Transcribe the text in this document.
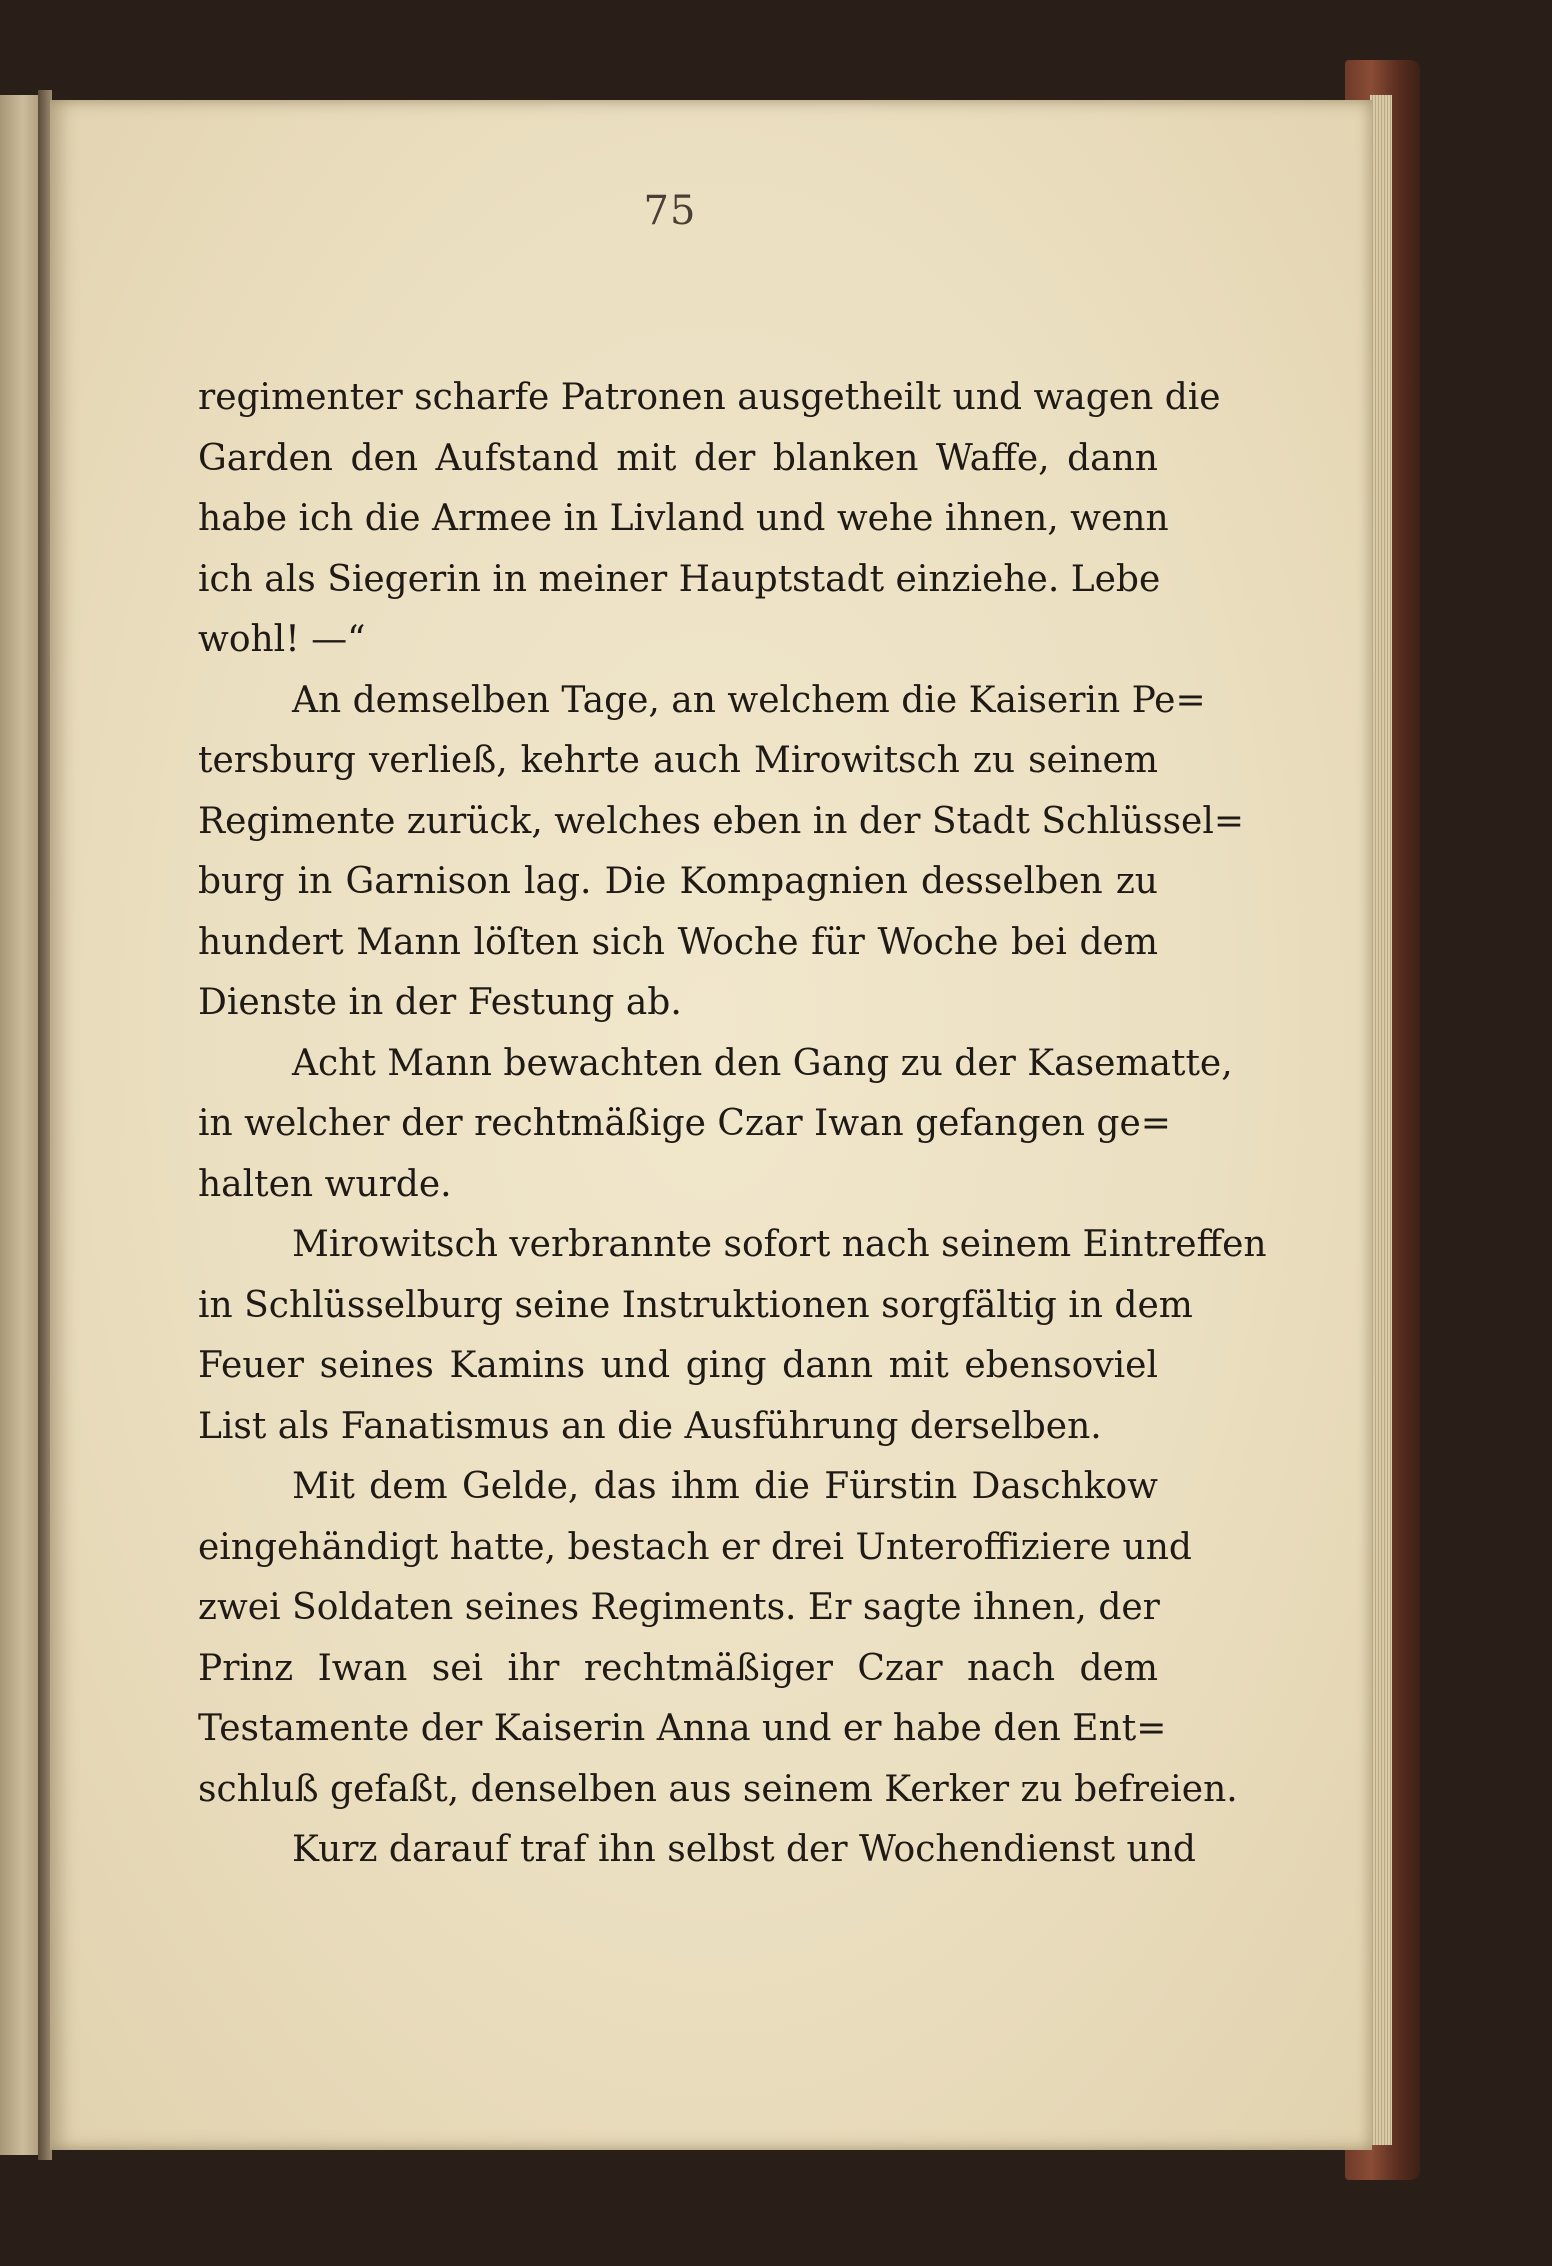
75
regimenter scharfe Patronen ausgetheilt und wagen die
Garden den Aufstand mit der blanken Waffe, dann
habe ich die Armee in Livland und wehe ihnen, wenn
ich als Siegerin in meiner Hauptstadt einziehe. Lebe
wohl! —“
An demselben Tage, an welchem die Kaiserin Pe=
tersburg verließ, kehrte auch Mirowitsch zu seinem
Regimente zurück, welches eben in der Stadt Schlüssel=
burg in Garnison lag. Die Kompagnien desselben zu
hundert Mann löſten sich Woche für Woche bei dem
Dienste in der Festung ab.
Acht Mann bewachten den Gang zu der Kasematte,
in welcher der rechtmäßige Czar Iwan gefangen ge=
halten wurde.
Mirowitsch verbrannte sofort nach seinem Eintreffen
in Schlüsselburg seine Instruktionen sorgfältig in dem
Feuer seines Kamins und ging dann mit ebensoviel
List als Fanatismus an die Ausführung derselben.
Mit dem Gelde, das ihm die Fürstin Daschkow
eingehändigt hatte, bestach er drei Unteroffiziere und
zwei Soldaten seines Regiments. Er sagte ihnen, der
Prinz Iwan sei ihr rechtmäßiger Czar nach dem
Testamente der Kaiserin Anna und er habe den Ent=
schluß gefaßt, denselben aus seinem Kerker zu befreien.
Kurz darauf traf ihn selbst der Wochendienst und
